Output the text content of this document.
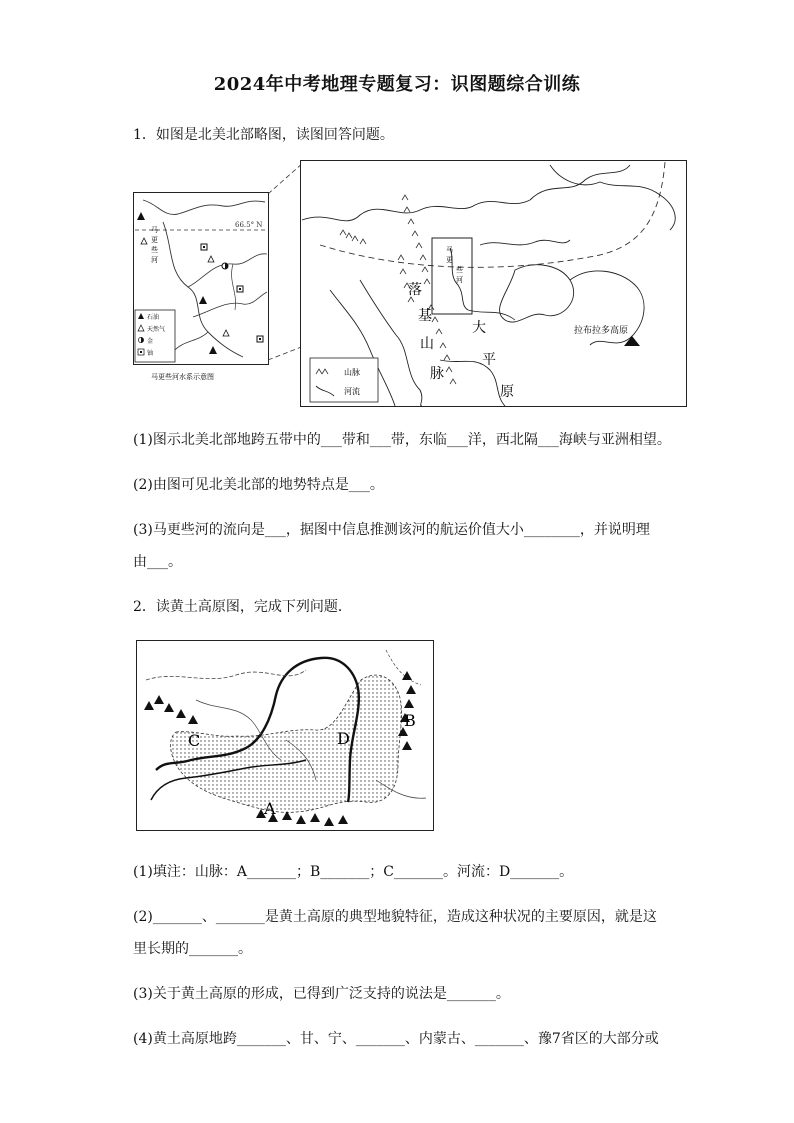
2024年中考地理专题复习：识图题综合训练
1．如图是北美北部略图，读图回答问题。
66.5° N
马
更
些
河
石油
天然气
金
铀
马更些河水系示意图
马
更
些
河
落
基
山
脉
大
平
原
拉布拉多高原
山脉
河流
(1)图示北美北部地跨五带中的___带和___带，东临___洋，西北隔___海峡与亚洲相望。
(2)由图可见北美北部的地势特点是___。
(3)马更些河的流向是___，据图中信息推测该河的航运价值大小________，并说明理
由___。
2．读黄土高原图，完成下列问题．
A
B
C	D
(1)填注：山脉：A_______；B_______；C_______。河流：D_______。
(2)_______、_______是黄土高原的典型地貌特征，造成这种状况的主要原因，就是这
里长期的_______。
(3)关于黄土高原的形成，已得到广泛支持的说法是_______。
(4)黄土高原地跨_______、甘、宁、_______、内蒙古、_______、豫7省区的大部分或
